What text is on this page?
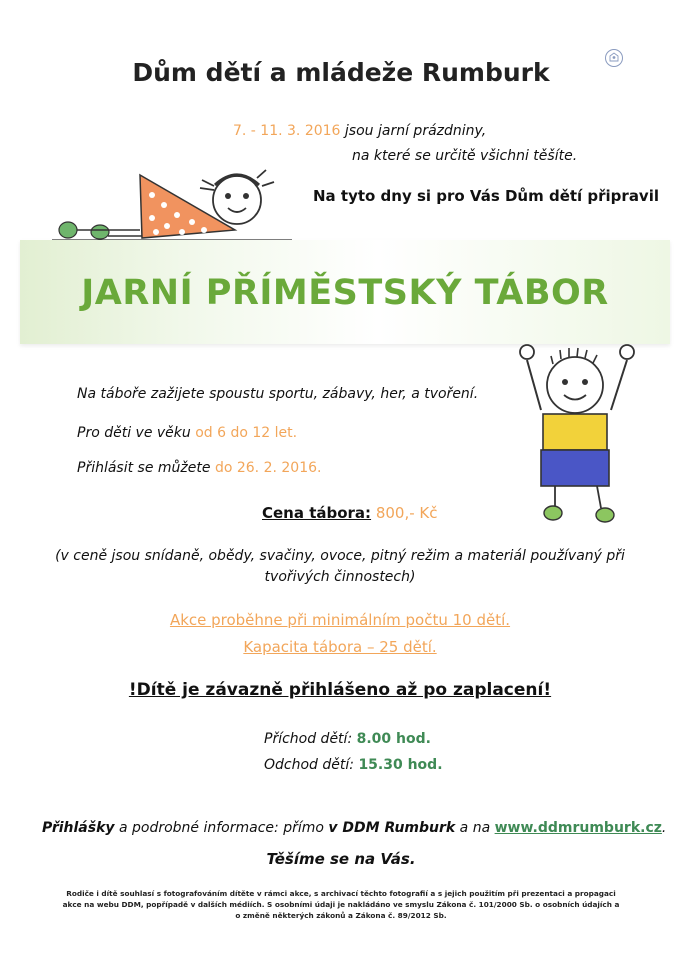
Dům dětí a mládeže Rumburk
7. - 11. 3. 2016 jsou jarní prázdniny,
na které se určitě všichni těšíte.
Na tyto dny si pro Vás Dům dětí připravil
JARNÍ PŘÍMĚSTSKÝ TÁBOR
Na táboře zažijete spoustu sportu, zábavy, her, a tvoření.
Pro děti ve věku od 6 do 12 let.
Přihlásit se můžete do 26. 2. 2016.
Cena tábora: 800,- Kč
(v ceně jsou snídaně, obědy, svačiny, ovoce, pitný režim a materiál používaný při
tvořivých činnostech)
Akce proběhne při minimálním počtu 10 dětí.
Kapacita tábora – 25 dětí.
!Dítě je závazně přihlášeno až po zaplacení!
Příchod dětí: 8.00 hod.
Odchod dětí: 15.30 hod.
Přihlášky a podrobné informace: přímo v DDM Rumburk a na www.ddmrumburk.cz.
Těšíme se na Vás.
Rodiče i dítě souhlasí s fotografováním dítěte v rámci akce, s archivací těchto fotografií a s jejich použitím při prezentaci a propagaci akce na webu DDM, popřípadě v dalších médiích. S osobními údaji je nakládáno ve smyslu Zákona č. 101/2000 Sb. o osobních údajích a o změně některých zákonů a Zákona č. 89/2012 Sb.
